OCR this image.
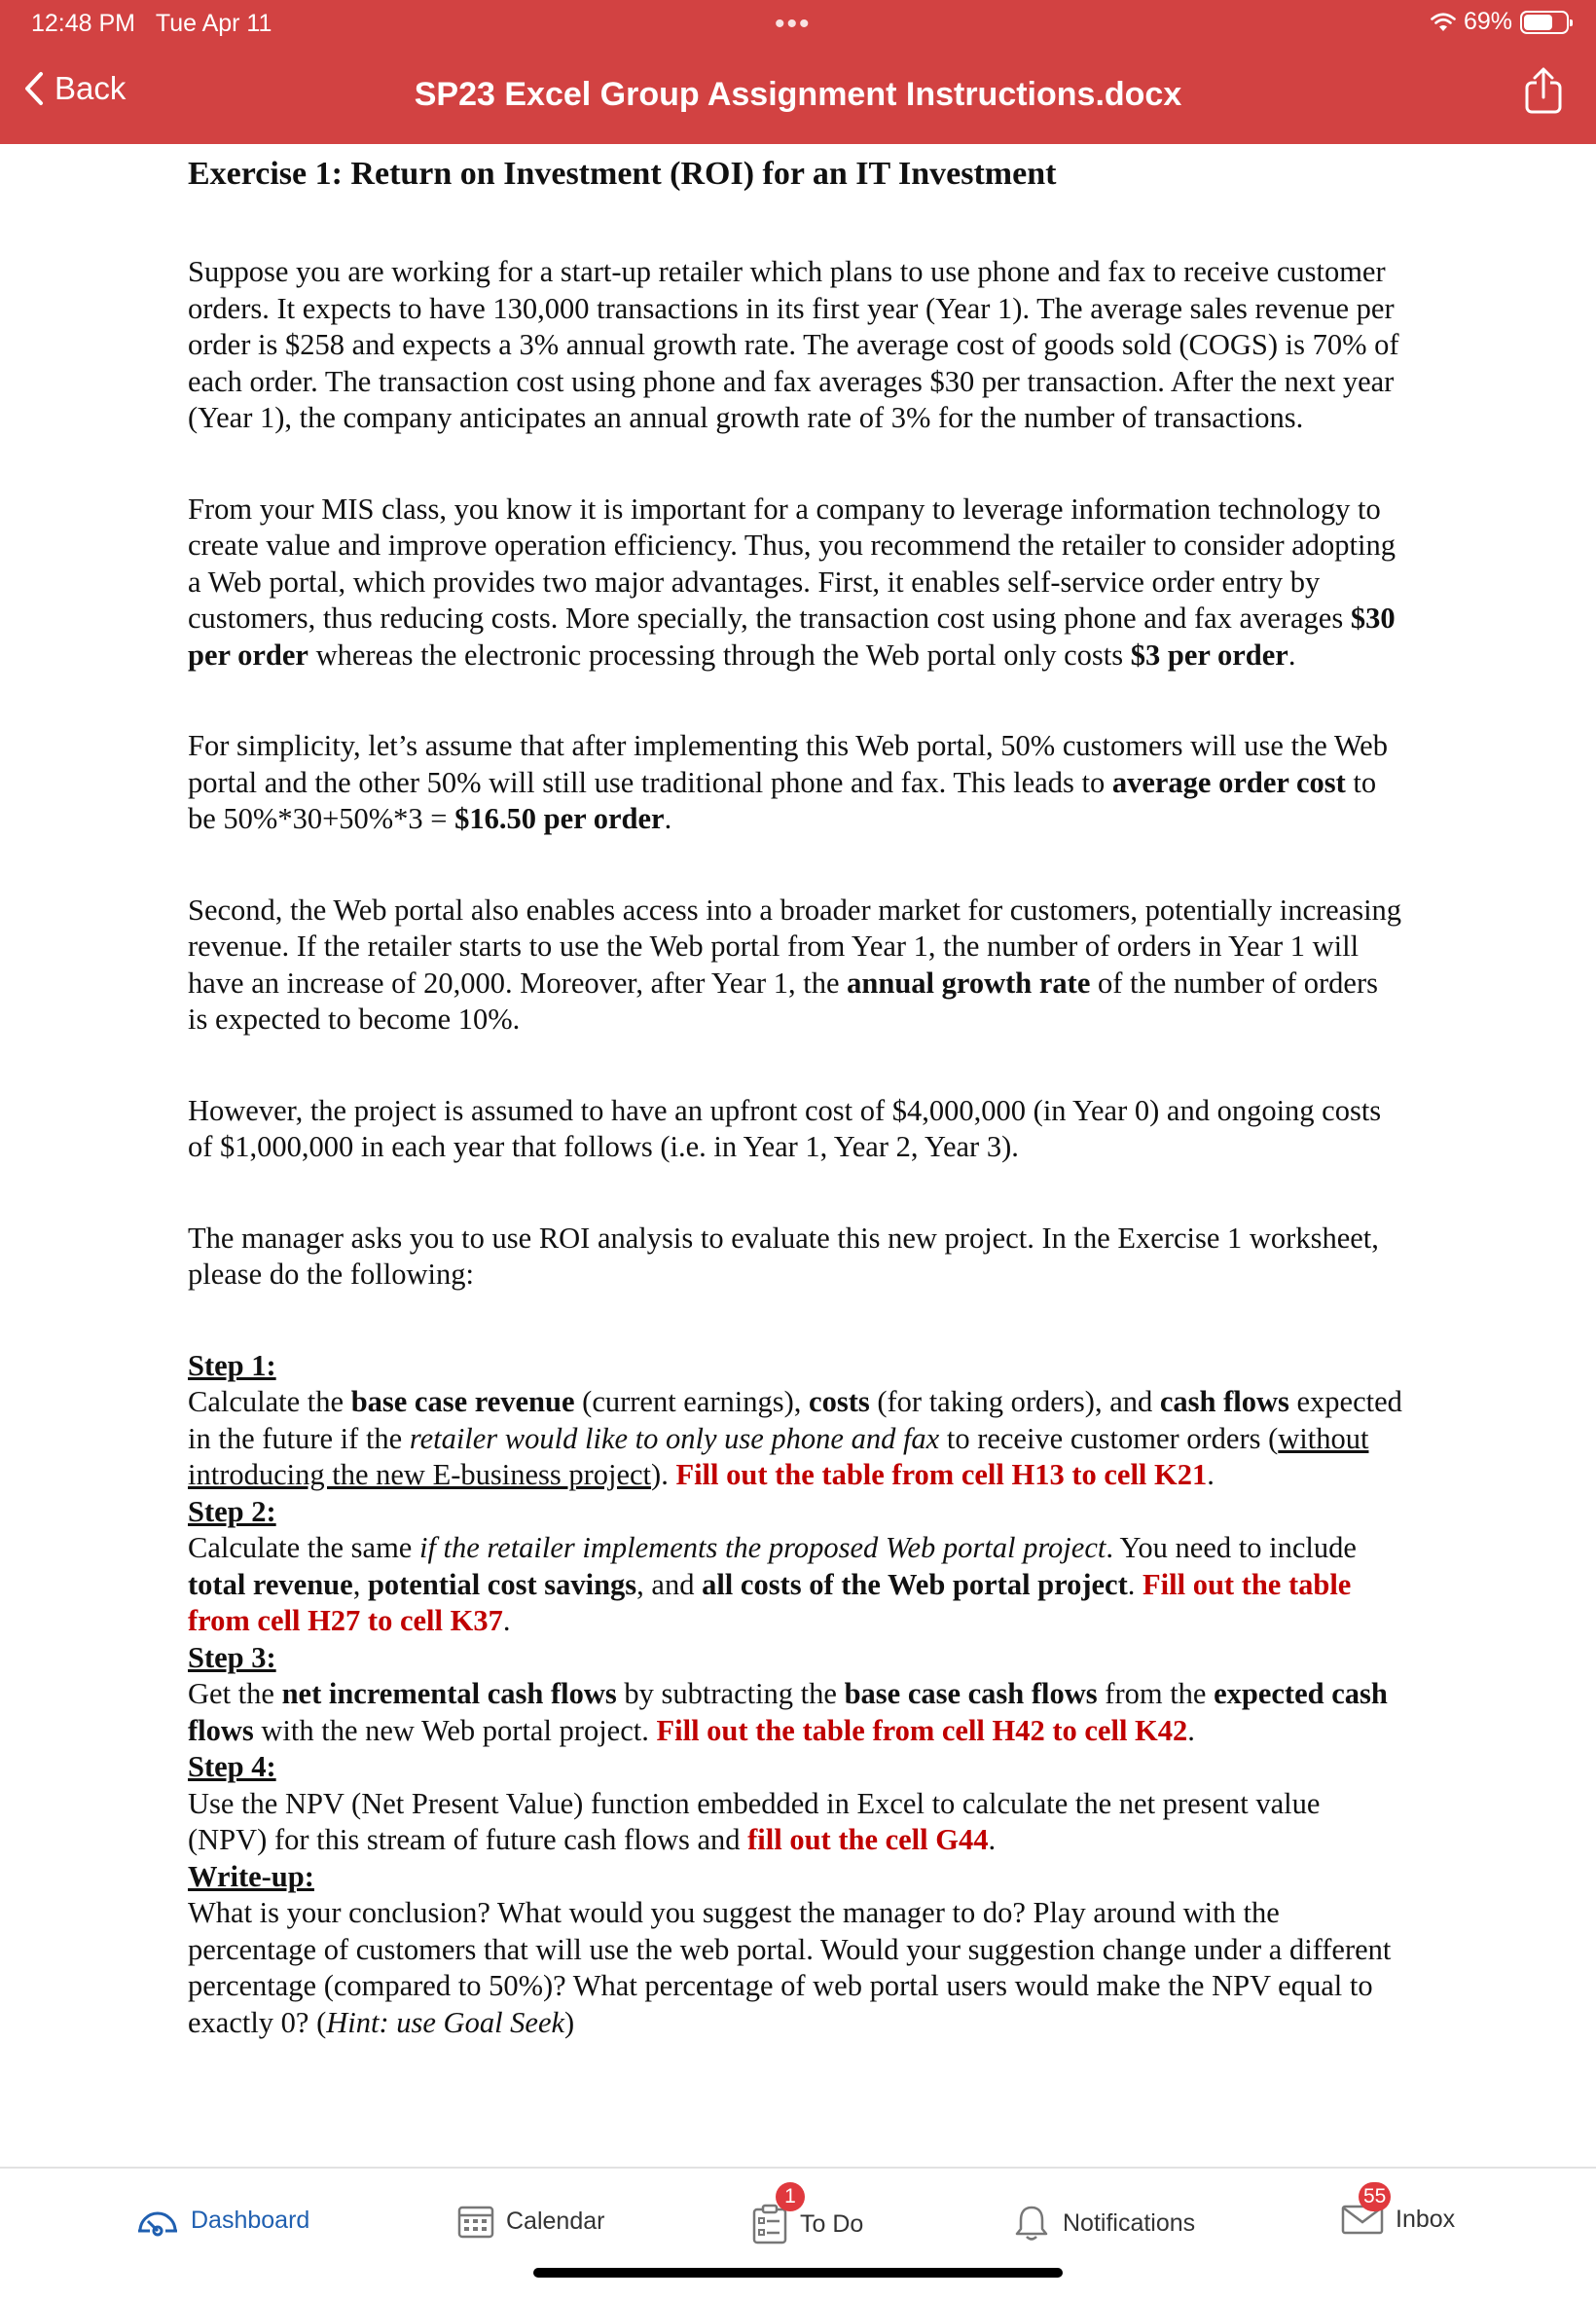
12:48 PM Tue Apr 11	•••	69%
SP23 Excel Group Assignment Instructions.docx
Back
Exercise 1: Return on Investment (ROI) for an IT Investment

Suppose you are working for a start-up retailer which plans to use phone and fax to receive customer orders. It expects to have 130,000 transactions in its first year (Year 1). The average sales revenue per order is $258 and expects a 3% annual growth rate. The average cost of goods sold (COGS) is 70% of each order. The transaction cost using phone and fax averages $30 per transaction. After the next year (Year 1), the company anticipates an annual growth rate of 3% for the number of transactions.

From your MIS class, you know it is important for a company to leverage information technology to create value and improve operation efficiency. Thus, you recommend the retailer to consider adopting a Web portal, which provides two major advantages. First, it enables self-service order entry by customers, thus reducing costs. More specially, the transaction cost using phone and fax averages $30 per order whereas the electronic processing through the Web portal only costs $3 per order.

For simplicity, let’s assume that after implementing this Web portal, 50% customers will use the Web portal and the other 50% will still use traditional phone and fax. This leads to average order cost to be 50%*30+50%*3 = $16.50 per order.

Second, the Web portal also enables access into a broader market for customers, potentially increasing revenue. If the retailer starts to use the Web portal from Year 1, the number of orders in Year 1 will have an increase of 20,000. Moreover, after Year 1, the annual growth rate of the number of orders is expected to become 10%.

However, the project is assumed to have an upfront cost of $4,000,000 (in Year 0) and ongoing costs of $1,000,000 in each year that follows (i.e. in Year 1, Year 2, Year 3).

The manager asks you to use ROI analysis to evaluate this new project. In the Exercise 1 worksheet, please do the following:

Step 1:

Calculate the base case revenue (current earnings), costs (for taking orders), and cash flows expected in the future if the retailer would like to only use phone and fax to receive customer orders (without introducing the new E-business project). Fill out the table from cell H13 to cell K21.

Step 2:

Calculate the same if the retailer implements the proposed Web portal project. You need to include total revenue, potential cost savings, and all costs of the Web portal project. Fill out the table from cell H27 to cell K37.

Step 3:

Get the net incremental cash flows by subtracting the base case cash flows from the expected cash flows with the new Web portal project. Fill out the table from cell H42 to cell K42.

Step 4:

Use the NPV (Net Present Value) function embedded in Excel to calculate the net present value (NPV) for this stream of future cash flows and fill out the cell G44.

Write-up:

What is your conclusion? What would you suggest the manager to do? Play around with the percentage of customers that will use the web portal. Would your suggestion change under a different percentage (compared to 50%)? What percentage of web portal users would make the NPV equal to exactly 0? (Hint: use Goal Seek)

Dashboard	Calendar	To Do
1
Notifications	Inbox
55
